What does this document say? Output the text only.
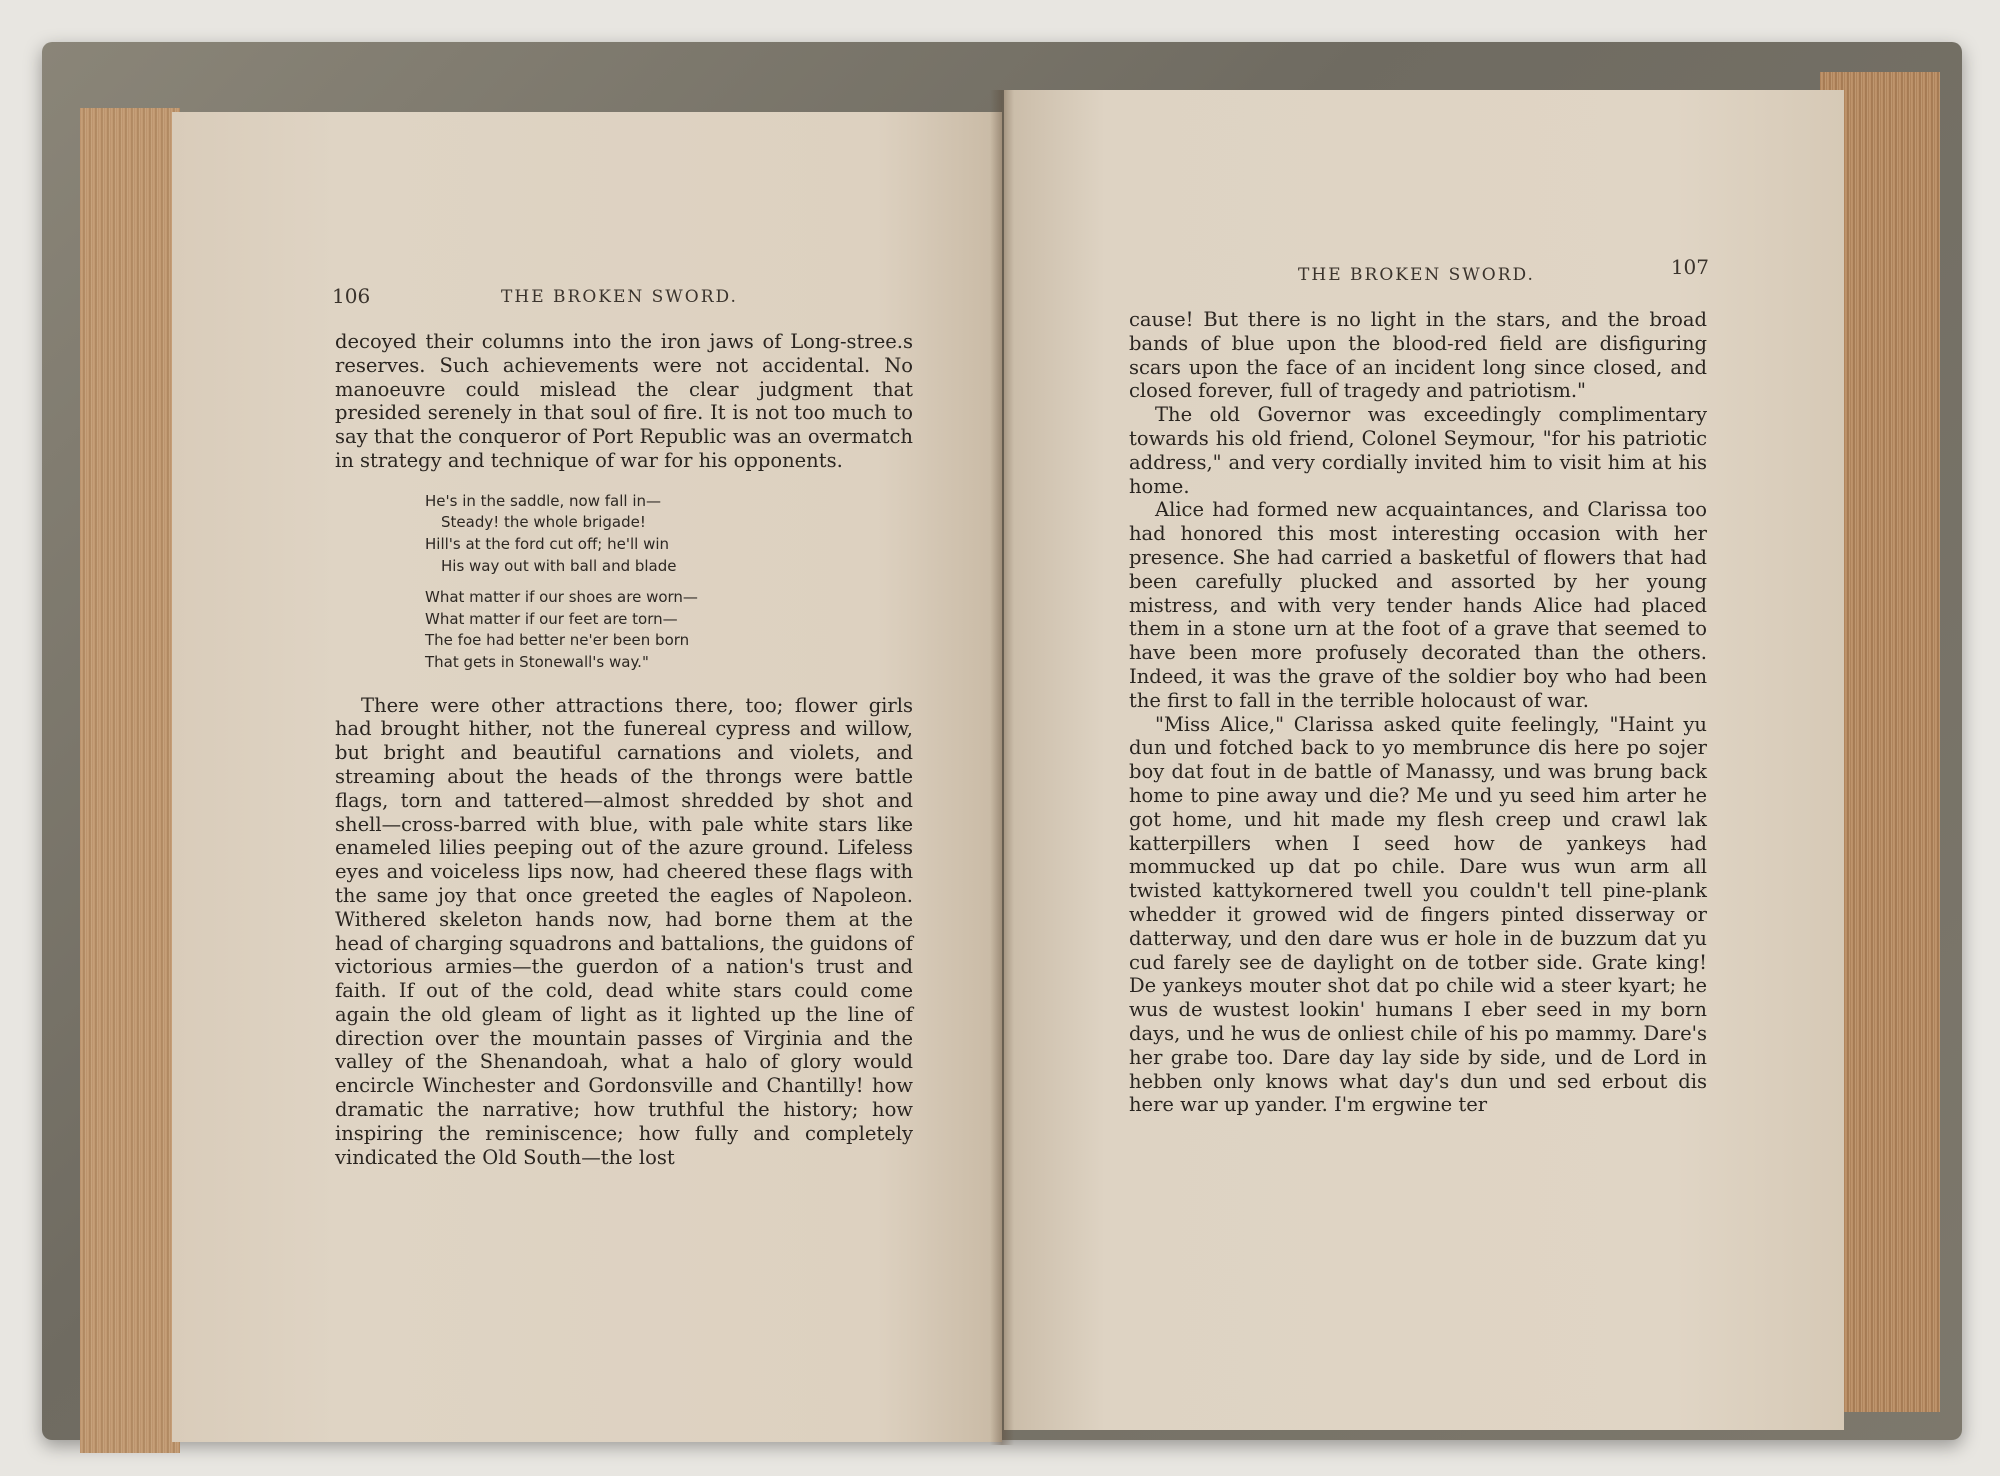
106	THE BROKEN SWORD.

decoyed their columns into the iron jaws of Long-stree.s reserves. Such achievements were not accidental. No manoeuvre could mislead the clear judgment that presided serenely in that soul of fire. It is not too much to say that the conqueror of Port Republic was an overmatch in strategy and technique of war for his opponents.

He's in the saddle, now fall in—
Steady! the whole brigade!
Hill's at the ford cut off; he'll win
His way out with ball and blade
What matter if our shoes are worn—
What matter if our feet are torn—
The foe had better ne'er been born
That gets in Stonewall's way."

There were other attractions there, too; flower girls had brought hither, not the funereal cypress and willow, but bright and beautiful carnations and violets, and streaming about the heads of the throngs were battle flags, torn and tattered—almost shredded by shot and shell—cross-barred with blue, with pale white stars like enameled lilies peeping out of the azure ground. Lifeless eyes and voiceless lips now, had cheered these flags with the same joy that once greeted the eagles of Napoleon. Withered skeleton hands now, had borne them at the head of charging squadrons and battalions, the guidons of victorious armies—the guerdon of a nation's trust and faith. If out of the cold, dead white stars could come again the old gleam of light as it lighted up the line of direction over the mountain passes of Virginia and the valley of the Shenandoah, what a halo of glory would encircle Winchester and Gordonsville and Chantilly! how dramatic the narrative; how truthful the history; how inspiring the reminiscence; how fully and completely vindicated the Old South—the lost

THE BROKEN SWORD.	107

cause! But there is no light in the stars, and the broad bands of blue upon the blood-red field are disfiguring scars upon the face of an incident long since closed, and closed forever, full of tragedy and patriotism."

The old Governor was exceedingly complimentary towards his old friend, Colonel Seymour, "for his patriotic address," and very cordially invited him to visit him at his home.

Alice had formed new acquaintances, and Clarissa too had honored this most interesting occasion with her presence. She had carried a basketful of flowers that had been carefully plucked and assorted by her young mistress, and with very tender hands Alice had placed them in a stone urn at the foot of a grave that seemed to have been more profusely decorated than the others. Indeed, it was the grave of the soldier boy who had been the first to fall in the terrible holocaust of war.

"Miss Alice," Clarissa asked quite feelingly, "Haint yu dun und fotched back to yo membrunce dis here po sojer boy dat fout in de battle of Manassy, und was brung back home to pine away und die? Me und yu seed him arter he got home, und hit made my flesh creep und crawl lak katterpillers when I seed how de yankeys had mommucked up dat po chile. Dare wus wun arm all twisted kattykornered twell you couldn't tell pine-plank whedder it growed wid de fingers pinted disserway or datterway, und den dare wus er hole in de buzzum dat yu cud farely see de daylight on de totber side. Grate king! De yankeys mouter shot dat po chile wid a steer kyart; he wus de wustest lookin' humans I eber seed in my born days, und he wus de onliest chile of his po mammy. Dare's her grabe too. Dare day lay side by side, und de Lord in hebben only knows what day's dun und sed erbout dis here war up yander. I'm ergwine ter
